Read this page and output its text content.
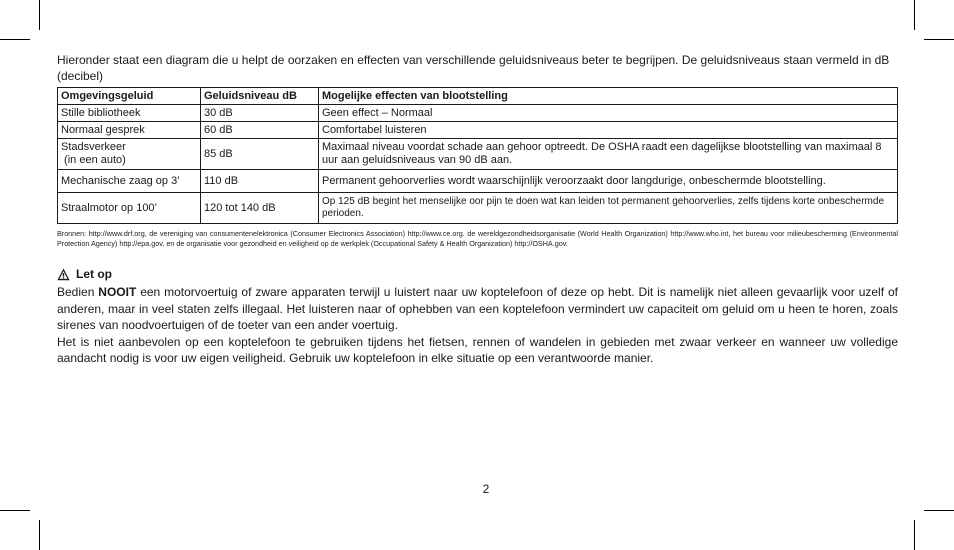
Hieronder staat een diagram die u helpt de oorzaken en effecten van verschillende geluidsniveaus beter te begrijpen. De geluidsniveaus staan vermeld in dB (decibel)

Omgevingsgeluid	Geluidsniveau dB	Mogelijke effecten van blootstelling
Stille bibliotheek	30 dB	Geen effect – Normaal
Normaal gesprek	60 dB	Comfortabel luisteren
Stadsverkeer
(in een auto)	85 dB	Maximaal niveau voordat schade aan gehoor optreedt. De OSHA raadt een dagelijkse blootstelling van maximaal 8 uur aan geluidsniveaus van 90 dB aan.
Mechanische zaag op 3’	110 dB	Permanent gehoorverlies wordt waarschijnlijk veroorzaakt door langdurige, onbeschermde blootstelling.
Straalmotor op 100’	120 tot 140 dB	Op 125 dB begint het menselijke oor pijn te doen wat kan leiden tot permanent gehoorverlies, zelfs tijdens korte onbeschermde perioden.

Bronnen: http://www.drf.org, de vereniging van consumentenelektronica (Consumer Electronics Association) http://www.ce.org. de wereldgezondheidsorganisatie (World Health Organization) http://www.who.int, het bureau voor milieubescherming (Environmental Protection Agency) http://epa.gov, en de organisatie voor gezondheid en veiligheid op de werkplek (Occupational Safety & Health Organization) http://OSHA.gov.

Let op

Bedien NOOIT een motorvoertuig of zware apparaten terwijl u luistert naar uw koptelefoon of deze op hebt. Dit is namelijk niet alleen gevaarlijk voor uzelf of anderen, maar in veel staten zelfs illegaal. Het luisteren naar of ophebben van een koptelefoon vermindert uw capaciteit om geluid om u heen te horen, zoals sirenes van noodvoertuigen of de toeter van een ander voertuig.

Het is niet aanbevolen op een koptelefoon te gebruiken tijdens het fietsen, rennen of wandelen in gebieden met zwaar verkeer en wanneer uw volledige aandacht nodig is voor uw eigen veiligheid. Gebruik uw koptelefoon in elke situatie op een verantwoorde manier.

2
